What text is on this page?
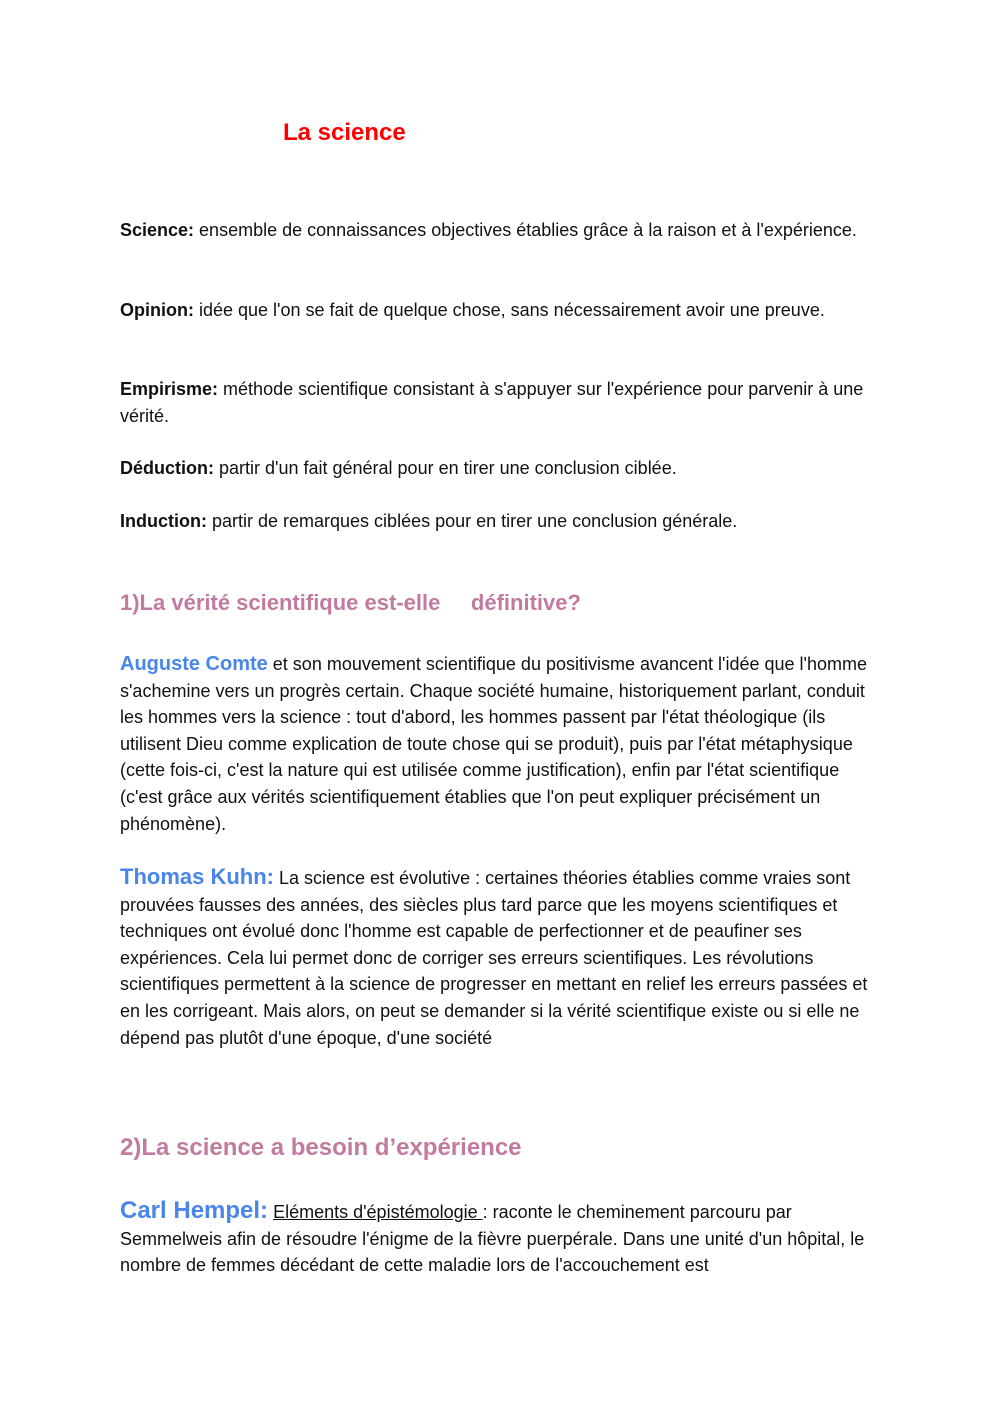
La science

Science: ensemble de connaissances objectives établies grâce à la raison et à l'expérience.

Opinion: idée que l'on se fait de quelque chose, sans nécessairement avoir une preuve.

Empirisme: méthode scientifique consistant à s'appuyer sur l'expérience pour parvenir à une vérité.

Déduction: partir d'un fait général pour en tirer une conclusion ciblée.

Induction: partir de remarques ciblées pour en tirer une conclusion générale.

1)La vérité scientifique est-elle     définitive?

Auguste Comte et son mouvement scientifique du positivisme avancent l'idée que l'homme s'achemine vers un progrès certain. Chaque société humaine, historiquement parlant, conduit les hommes vers la science : tout d'abord, les hommes passent par l'état théologique (ils utilisent Dieu comme explication de toute chose qui se produit), puis par l'état métaphysique (cette fois-ci, c'est la nature qui est utilisée comme justification), enfin par l'état scientifique (c'est grâce aux vérités scientifiquement établies que l'on peut expliquer précisément un phénomène).

Thomas Kuhn: La science est évolutive : certaines théories établies comme vraies sont prouvées fausses des années, des siècles plus tard parce que les moyens scientifiques et techniques ont évolué donc l'homme est capable de perfectionner et de peaufiner ses expériences. Cela lui permet donc de corriger ses erreurs scientifiques. Les révolutions scientifiques permettent à la science de progresser en mettant en relief les erreurs passées et en les corrigeant. Mais alors, on peut se demander si la vérité scientifique existe ou si elle ne dépend pas plutôt d'une époque, d'une société

2)La science a besoin d’expérience

Carl Hempel: Eléments d'épistémologie : raconte le cheminement parcouru par Semmelweis afin de résoudre l'énigme de la fièvre puerpérale. Dans une unité d'un hôpital, le nombre de femmes décédant de cette maladie lors de l'accouchement est
